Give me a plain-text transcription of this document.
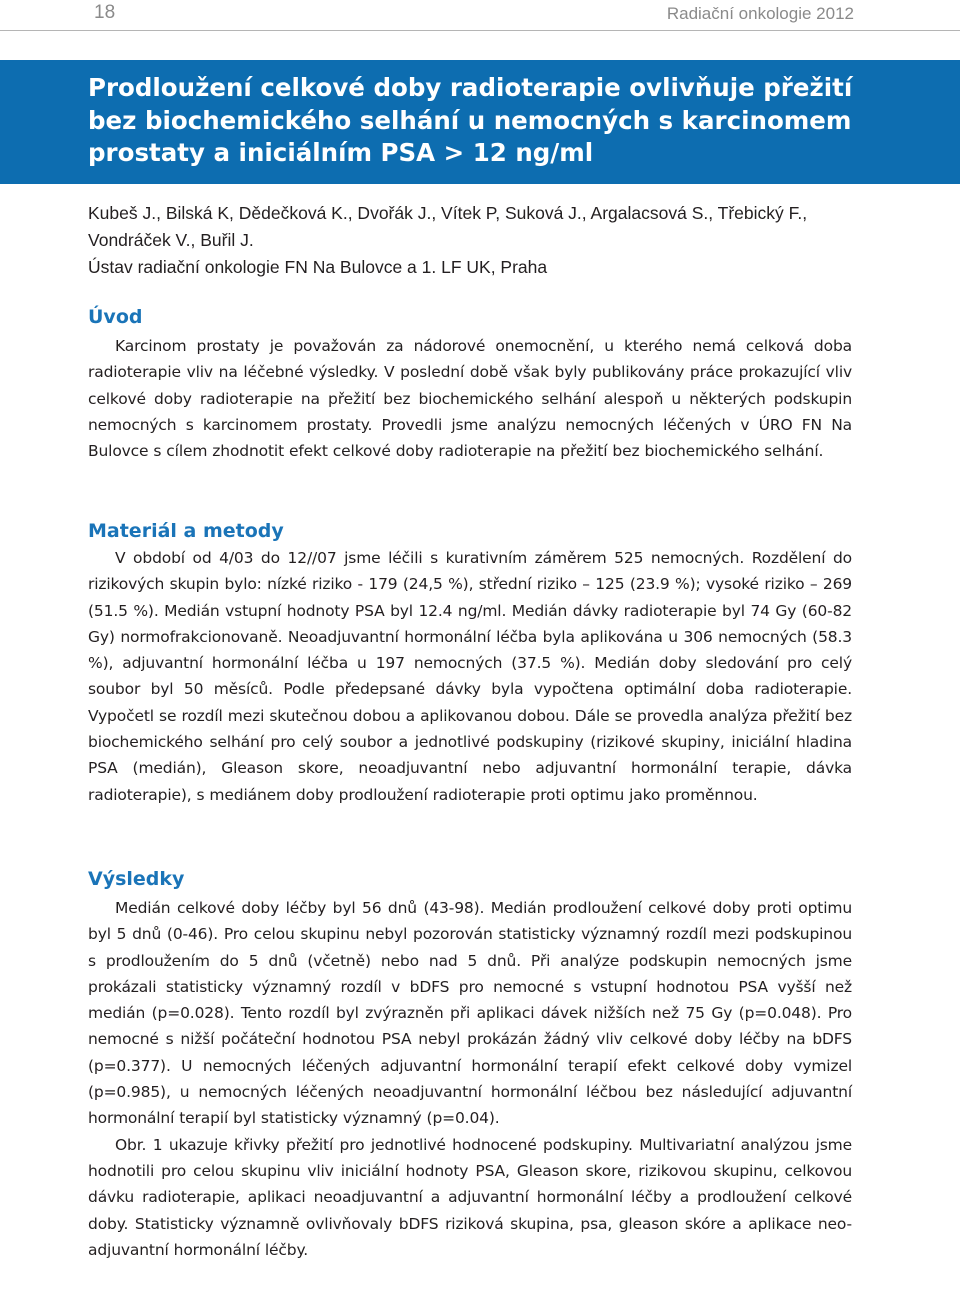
18	Radiační onkologie 2012
Prodloužení celkové doby radioterapie ovlivňuje přežití bez biochemického selhání u nemocných s karcinomem prostaty a iniciálním PSA > 12 ng/ml
Kubeš J., Bilská K, Dědečková K., Dvořák J., Vítek P, Suková J., Argalacsová S., Třebický F.,
Vondráček V., Buřil J.
Ústav radiační onkologie FN Na Bulovce a 1. LF UK, Praha
Úvod

Karcinom prostaty je považován za nádorové onemocnění, u kterého nemá celková doba radioterapie vliv na léčebné výsledky. V poslední době však byly publikovány práce prokazující vliv celkové doby radioterapie na přežití bez biochemického selhání alespoň u některých podskupin nemocných s karcinomem prostaty. Provedli jsme analýzu nemocných léčených v ÚRO FN Na Bulovce s cílem zhodnotit efekt celkové doby radioterapie na přežití bez biochemického selhání.

Materiál a metody

V období od 4/03 do 12//07 jsme léčili s kurativním záměrem 525 nemocných. Rozdělení do rizikových skupin bylo: nízké riziko - 179 (24,5 %), střední riziko – 125 (23.9 %); vysoké riziko – 269 (51.5 %). Medián vstupní hodnoty PSA byl 12.4 ng/ml. Medián dávky radioterapie byl 74 Gy (60-82 Gy) normofrakcionovaně. Neoadjuvantní hormonální léčba byla aplikována u 306 nemocných (58.3 %), adjuvantní hormonální léčba u 197 nemocných (37.5 %). Medián doby sledování pro celý soubor byl 50 měsíců. Podle předepsané dávky byla vypočtena optimální doba radioterapie. Vypočetl se rozdíl mezi skutečnou dobou a aplikovanou dobou. Dále se provedla analýza přežití bez biochemického selhání pro celý soubor a jednotlivé podskupiny (rizikové skupiny, iniciální hladina PSA (medián), Gleason skore, neoadjuvantní nebo adjuvantní hormonální terapie, dávka radioterapie), s mediánem doby prodloužení radioterapie proti optimu jako proměnnou.

Výsledky

Medián celkové doby léčby byl 56 dnů (43-98). Medián prodloužení celkové doby proti optimu byl 5 dnů (0-46). Pro celou skupinu nebyl pozorován statisticky významný rozdíl mezi podskupinou s prodloužením do 5 dnů (včetně) nebo nad 5 dnů. Při analýze podskupin nemocných jsme prokázali statisticky významný rozdíl v bDFS pro nemocné s vstupní hodnotou PSA vyšší než medián (p=0.028). Tento rozdíl byl zvýrazněn při aplikaci dávek nižších než 75 Gy (p=0.048). Pro nemocné s nižší počáteční hodnotou PSA nebyl prokázán žádný vliv celkové doby léčby na bDFS (p=0.377). U nemocných léčených adjuvantní hormonální terapií efekt celkové doby vymizel (p=0.985), u nemocných léčených neoadjuvantní hormonální léčbou bez následující adjuvantní hormonální terapií byl statisticky významný (p=0.04).

Obr. 1 ukazuje křivky přežití pro jednotlivé hodnocené podskupiny. Multivariatní analýzou jsme hodnotili pro celou skupinu vliv iniciální hodnoty PSA, Gleason skore, rizikovou skupinu, celkovou dávku radioterapie, aplikaci neoadjuvantní a adjuvantní hormonální léčby a prodloužení celkové doby. Statisticky významně ovlivňovaly bDFS riziková skupina, psa, gleason skóre a aplikace neo-adjuvantní hormonální léčby.
